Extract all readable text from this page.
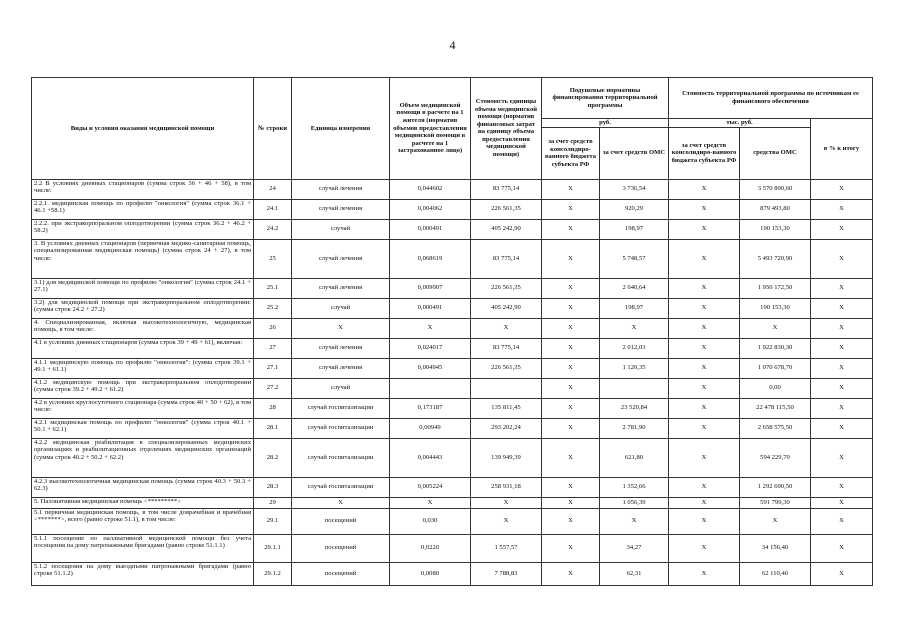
4
Виды и условия оказания медицинской помощи	№ строки	Единица измерения	Объем медицинской помощи в расчете на 1 жителя (норматив объемов предоставления медицинской помощи в расчете на 1 застрахованное лицо)	Стоимость единицы объема медицинской помощи (норматив финансовых затрат на единицу объема предоставления медицинской помощи)	Подушевые нормативы финансирования территориальной программы		Стоимость территориальной программы по источникам ее финансового обеспечения		
					руб.		тыс. руб.		в % к итогу
					за счет средств консолидиро-ванного бюджета субъекта РФ	за счет средств ОМС	за счет средств консолидиро-ванного бюджета субъекта РФ	средства ОМС	

2.2 В условиях дневных стационаров (сумма строк 36 + 46 + 58), в том числе:	24	случай лечения	0,044602	83 775,14	X	3 736,54	X	3 570 890,60	X
2.2.1. медицинская помощь по профилю "онкология" (сумма строк 36.1 + 46.1 +58.1)	24.1	случай лечения	0,004062	226 561,35	X	920,29	X	879 493,80	X
2.2.2. при экстракорпоральном оплодотворении (сумма строк 36.2 + 46.2 + 58.2)	24.2	случай	0,000491	405 242,90	X	198,97	X	190 153,30	X
3. В условиях дневных стационаров (первичная медико-санитарная помощь, специализированная медицинская помощь) (сумма строк 24 + 27), в том числе:	25	случай лечения	0,068619	83 775,14	X	5 748,57	X	5 493 720,90	X
3.1) для медицинской помощи по профилю "онкология" (сумма строк 24.1 + 27.1)	25.1	случай лечения	0,009007	226 561,35	X	2 040,64	X	1 950 172,50	X
3.2) для медицинской помощи при экстракорпоральном оплодотворении: (сумма строк 24.2 + 27.2)	25.2	случай	0,000491	405 242,90	X	198,97	X	190 153,30	X
4. Специализированная, включая высокотехнологичную, медицинская помощь, в том числе:	26	X	X	X	X	X	X	X	X
4.1 в условиях дневных стационаров (сумма строк 39 + 49 + 61), включая:	27	случай лечения	0,024017	83 775,14	X	2 012,03	X	1 922 830,30	X
4.1.1 медицинскую помощь по профилю "онкология": (сумма строк 39.1 + 49.1 + 61.1)	27.1	случай лечения	0,004945	226 561,35	X	1 120,35	X	1 070 678,70	X
4.1.2 медицинскую помощь при экстракорпоральном оплодотворении (сумма строк 39.2 + 49.2 + 61.2)	27.2	случай			X		X	0,00	X
4.2 в условиях круглосуточного стационара (сумма строк 40 + 50 + 62), в том числе:	28	случай госпитализации	0,173187	135 811,45	X	23 520,84	X	22 478 115,50	X
4.2.1 медицинская помощь по профилю "онкология" (сумма строк 40.1 + 50.1 + 62.1)	28.1	случай госпитализации	0,00949	293 202,24	X	2 781,90	X	2 658 575,50	X
4.2.2 медицинская реабилитация в специализированных медицинских организациях и реабилитационных отделениях медицинских организаций (сумма строк 40.2 + 50.2 + 62.2)	28.2	случай госпитализации	0,004443	139 949,39	X	621,80	X	594 229,70	X
4.2.3 высокотехнологичная медицинская помощь (сумма строк 40.3 + 50.3 + 62.3)	28.3	случай госпитализации	0,005224	258 931,18	X	1 352,66	X	1 292 690,50	X
5. Паллиативная медицинская помощь <*********>	29	X	X	X	X	1 056,39	X	591 799,30	X
5.1 первичная медицинская помощь, в том числе доврачебная и врачебная <*******>, всего (равно строке 51.1), в том числе:	29.1	посещений	0,030	X	X	X	X	X	X
5.1.1 посещение по паллиативной медицинской помощи без учета посещения на дому патронажными бригадами (равно строке 51.1.1)	29.1.1	посещений	0,0220	1 557,57	X	34,27	X	34 156,40	X
5.1.2 посещения на дому выездными патронажными бригадами (равно строке 51.1.2)	29.1.2	посещений	0,0080	7 788,83	X	62,31	X	62 110,40	X
